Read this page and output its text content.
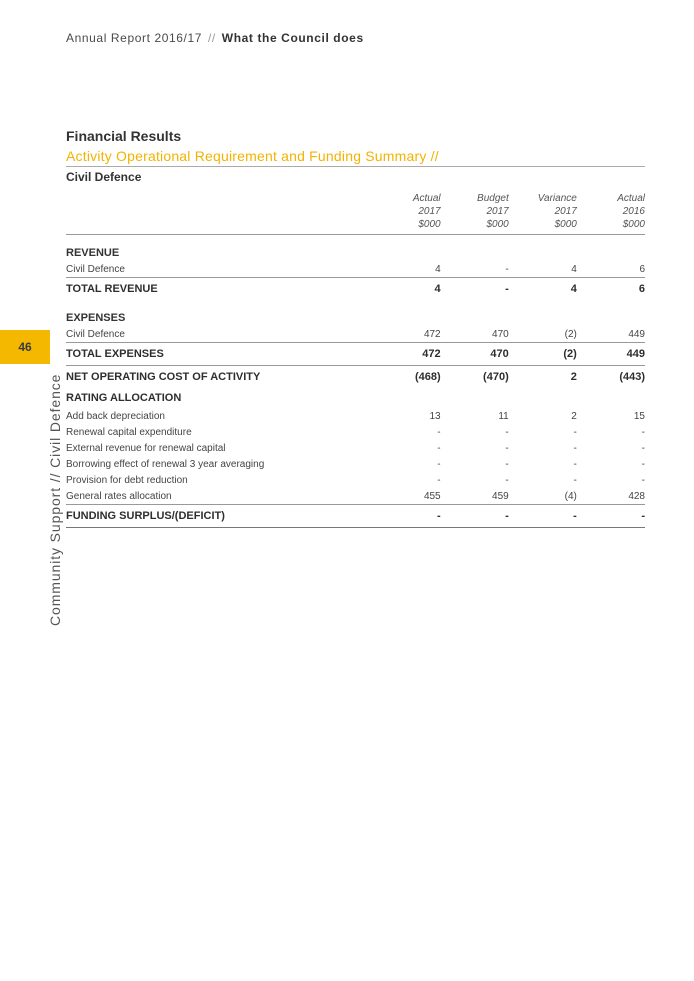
Annual Report 2016/17 // What the Council does
46
Community Support // Civil Defence
Financial Results
Activity Operational Requirement and Funding Summary //
Civil Defence
	Actual
2017
$000	Budget
2017
$000	Variance
2017
$000	Actual
2016
$000
REVENUE				
Civil Defence	4	-	4	6
TOTAL REVENUE	4	-	4	6
EXPENSES				
Civil Defence	472	470	(2)	449
TOTAL EXPENSES	472	470	(2)	449
NET OPERATING COST OF ACTIVITY	(468)	(470)	2	(443)
RATING ALLOCATION				
Add back depreciation	13	11	2	15
Renewal capital expenditure	-	-	-	-
External revenue for renewal capital	-	-	-	-
Borrowing effect of renewal 3 year averaging	-	-	-	-
Provision for debt reduction	-	-	-	-
General rates allocation	455	459	(4)	428
FUNDING SURPLUS/(DEFICIT)	-	-	-	-
